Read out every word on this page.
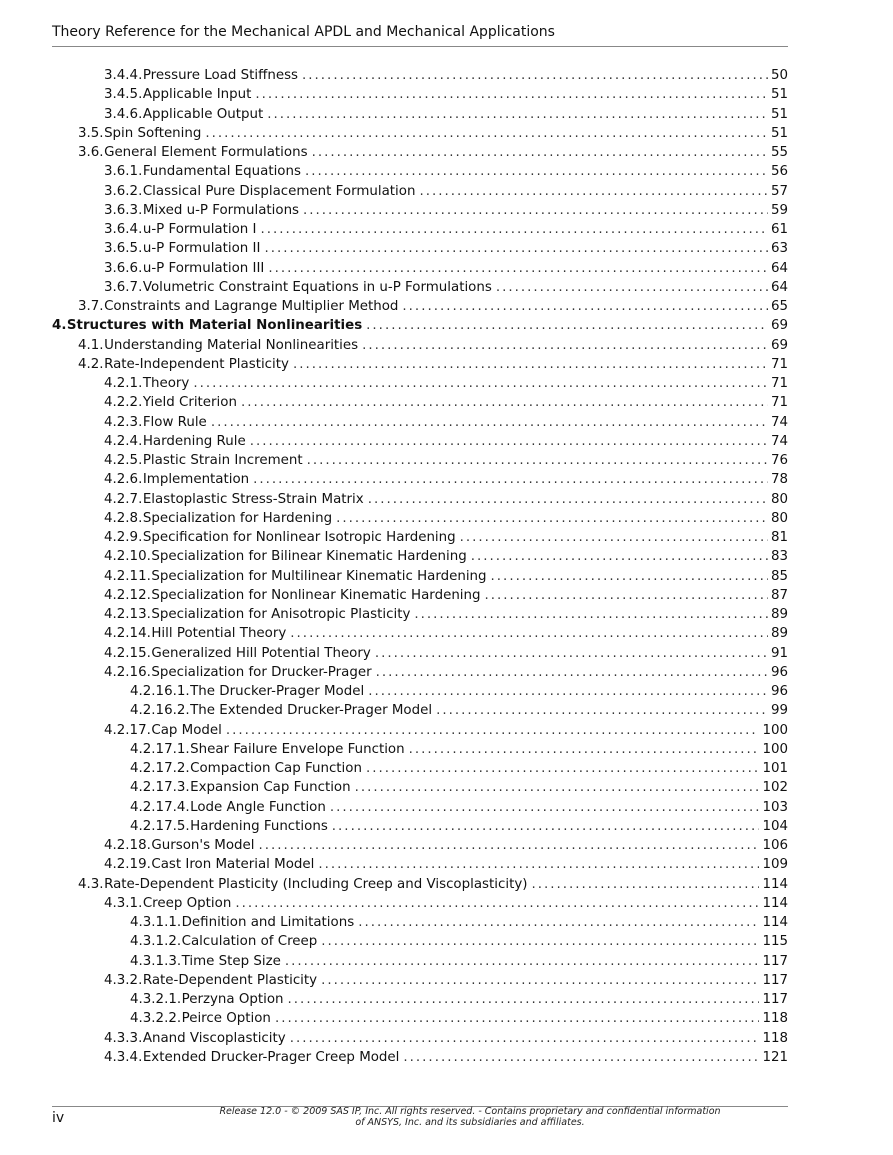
Theory Reference for the Mechanical APDL and Mechanical Applications
3.4.4. Pressure Load Stiffness .....	50
3.4.5. Applicable Input .....	51
3.4.6. Applicable Output .....	51
3.5. Spin Softening .....	51
3.6. General Element Formulations .....	55
3.6.1. Fundamental Equations .....	56
3.6.2. Classical Pure Displacement Formulation .....	57
3.6.3. Mixed u-P Formulations .....	59
3.6.4. u-P Formulation I .....	61
3.6.5. u-P Formulation II .....	63
3.6.6. u-P Formulation III .....	64
3.6.7. Volumetric Constraint Equations in u-P Formulations .....	64
3.7. Constraints and Lagrange Multiplier Method .....	65
4. Structures with Material Nonlinearities .....	69
4.1. Understanding Material Nonlinearities .....	69
4.2. Rate-Independent Plasticity .....	71
4.2.1. Theory .....	71
4.2.2. Yield Criterion .....	71
4.2.3. Flow Rule .....	74
4.2.4. Hardening Rule .....	74
4.2.5. Plastic Strain Increment .....	76
4.2.6. Implementation .....	78
4.2.7. Elastoplastic Stress-Strain Matrix .....	80
4.2.8. Specialization for Hardening .....	80
4.2.9. Specification for Nonlinear Isotropic Hardening .....	81
4.2.10. Specialization for Bilinear Kinematic Hardening .....	83
4.2.11. Specialization for Multilinear Kinematic Hardening .....	85
4.2.12. Specialization for Nonlinear Kinematic Hardening .....	87
4.2.13. Specialization for Anisotropic Plasticity .....	89
4.2.14. Hill Potential Theory .....	89
4.2.15. Generalized Hill Potential Theory .....	91
4.2.16. Specialization for Drucker-Prager .....	96
4.2.16.1. The Drucker-Prager Model .....	96
4.2.16.2. The Extended Drucker-Prager Model .....	99
4.2.17. Cap Model .....	100
4.2.17.1. Shear Failure Envelope Function .....	100
4.2.17.2. Compaction Cap Function .....	101
4.2.17.3. Expansion Cap Function .....	102
4.2.17.4. Lode Angle Function .....	103
4.2.17.5. Hardening Functions .....	104
4.2.18. Gurson's Model .....	106
4.2.19. Cast Iron Material Model .....	109
4.3. Rate-Dependent Plasticity (Including Creep and Viscoplasticity) .....	114
4.3.1. Creep Option .....	114
4.3.1.1. Definition and Limitations .....	114
4.3.1.2. Calculation of Creep .....	115
4.3.1.3. Time Step Size .....	117
4.3.2. Rate-Dependent Plasticity .....	117
4.3.2.1. Perzyna Option .....	117
4.3.2.2. Peirce Option .....	118
4.3.3. Anand Viscoplasticity .....	118
4.3.4. Extended Drucker-Prager Creep Model .....	121
iv	Release 12.0 - © 2009 SAS IP, Inc. All rights reserved. - Contains proprietary and confidential information
of ANSYS, Inc. and its subsidiaries and affiliates.
